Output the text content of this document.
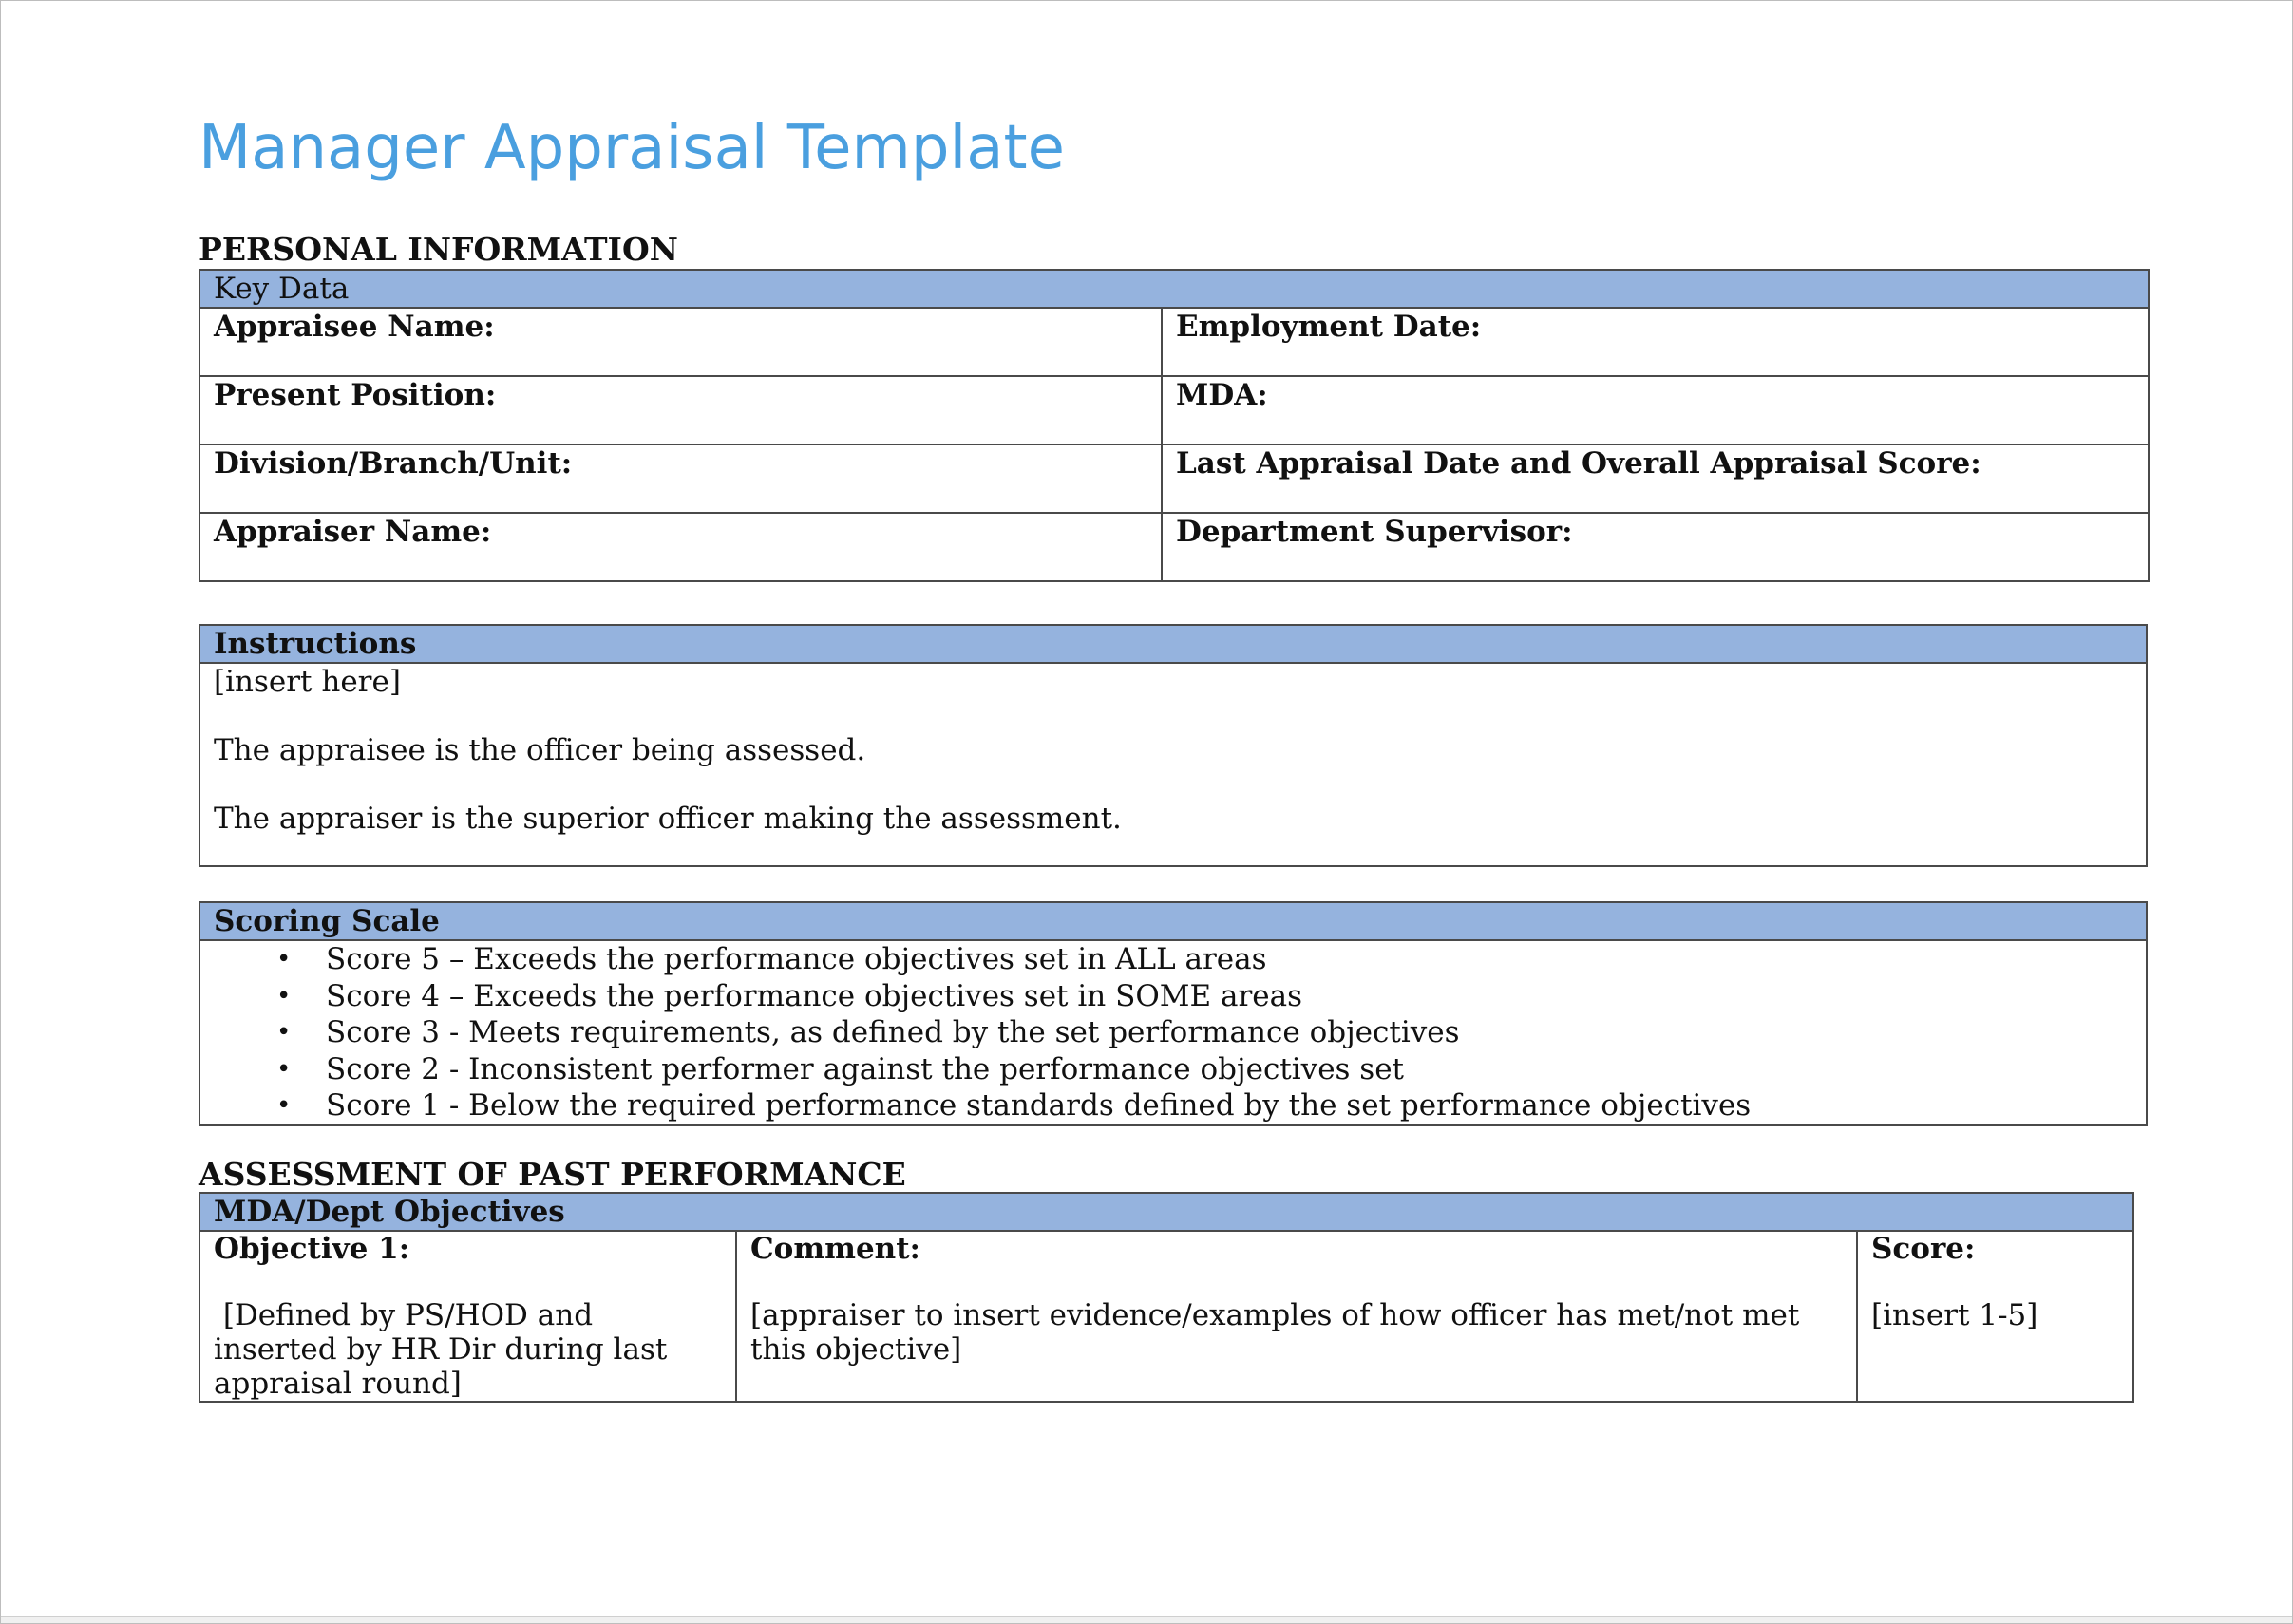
Manager Appraisal Template
PERSONAL INFORMATION
Key Data	
Appraisee Name:	Employment Date:
Present Position:	MDA:
Division/Branch/Unit:	Last Appraisal Date and Overall Appraisal Score:
Appraiser Name:	Department Supervisor:
Instructions

[insert here]

The appraisee is the officer being assessed.

The appraiser is the superior officer making the assessment.

Scoring Scale

• Score 5 – Exceeds the performance objectives set in ALL areas
• Score 4 – Exceeds the performance objectives set in SOME areas
• Score 3 - Meets requirements, as defined by the set performance objectives
• Score 2 - Inconsistent performer against the performance objectives set
• Score 1 - Below the required performance standards defined by the set performance objectives
ASSESSMENT OF PAST PERFORMANCE
MDA/Dept Objectives

Objective 1:
[Defined by PS/HOD and inserted by HR Dir during last appraisal round]

Comment:
[appraiser to insert evidence/examples of how officer has met/not met this objective]

Score:
[insert 1-5]
